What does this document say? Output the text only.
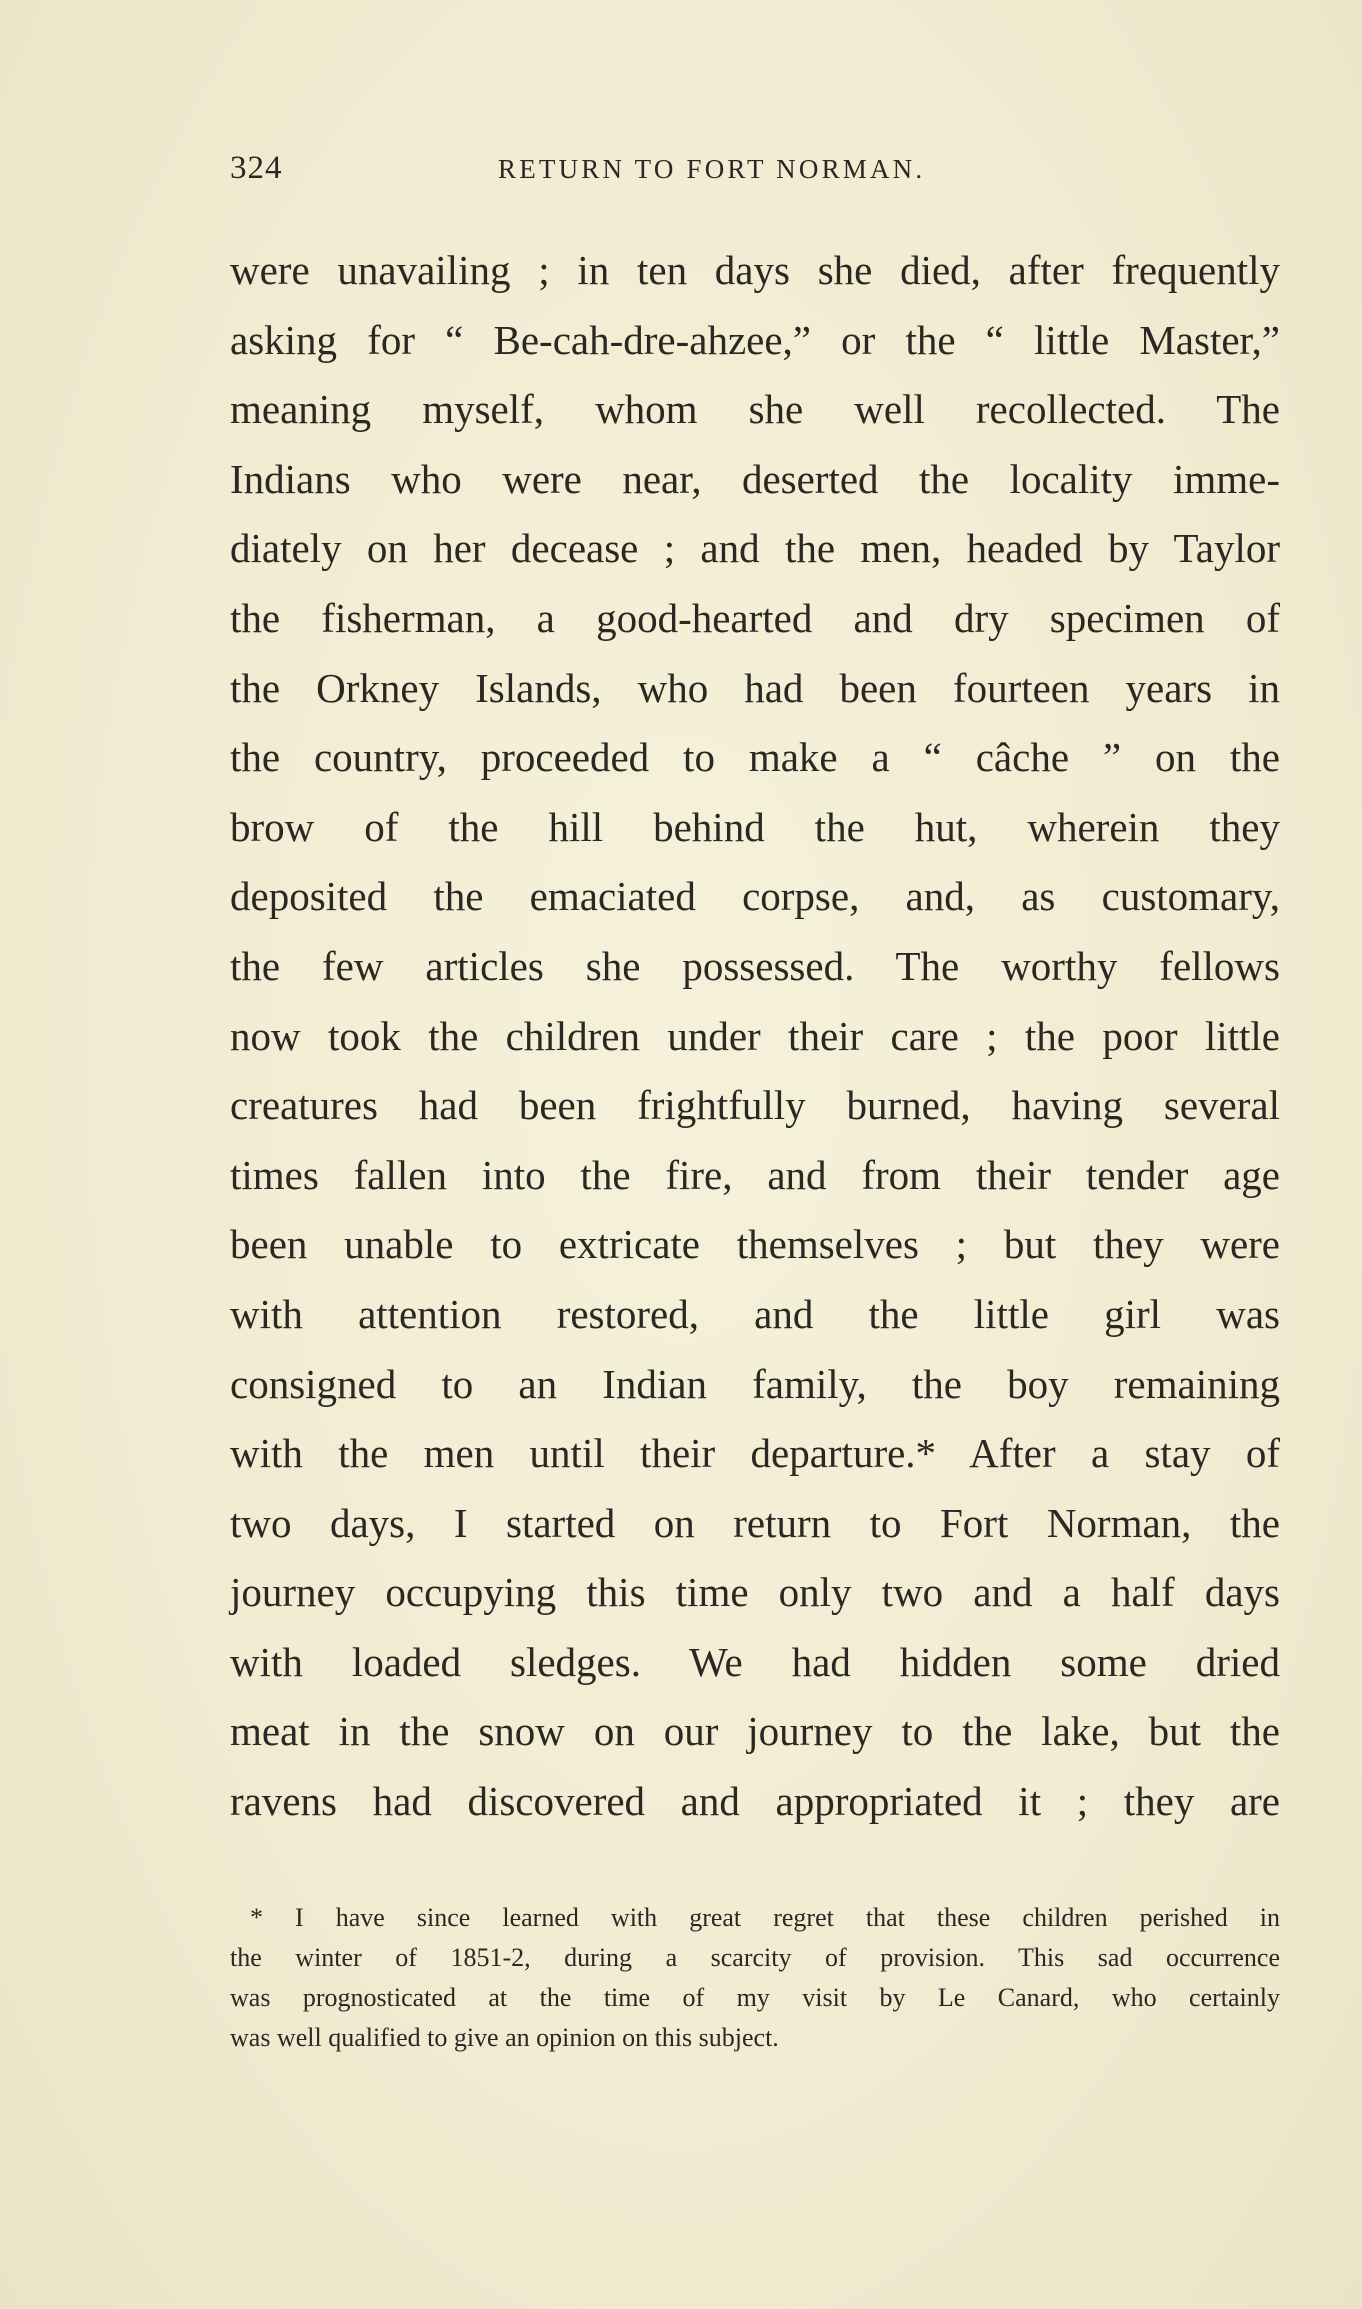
324	RETURN TO FORT NORMAN.
were unavailing ; in ten days she died, after frequently
asking for “ Be-cah-dre-ahzee,” or the “ little Master,”
meaning myself, whom she well recollected. The
Indians who were near, deserted the locality imme-
diately on her decease ; and the men, headed by Taylor
the fisherman, a good-hearted and dry specimen of
the Orkney Islands, who had been fourteen years in
the country, proceeded to make a “ câche ” on the
brow of the hill behind the hut, wherein they
deposited the emaciated corpse, and, as customary,
the few articles she possessed. The worthy fellows
now took the children under their care ; the poor little
creatures had been frightfully burned, having several
times fallen into the fire, and from their tender age
been unable to extricate themselves ; but they were
with attention restored, and the little girl was
consigned to an Indian family, the boy remaining
with the men until their departure.* After a stay of
two days, I started on return to Fort Norman, the
journey occupying this time only two and a half days
with loaded sledges. We had hidden some dried
meat in the snow on our journey to the lake, but the
ravens had discovered and appropriated it ; they are
* I have since learned with great regret that these children perished in
the winter of 1851-2, during a scarcity of provision. This sad occurrence
was prognosticated at the time of my visit by Le Canard, who certainly
was well qualified to give an opinion on this subject.
